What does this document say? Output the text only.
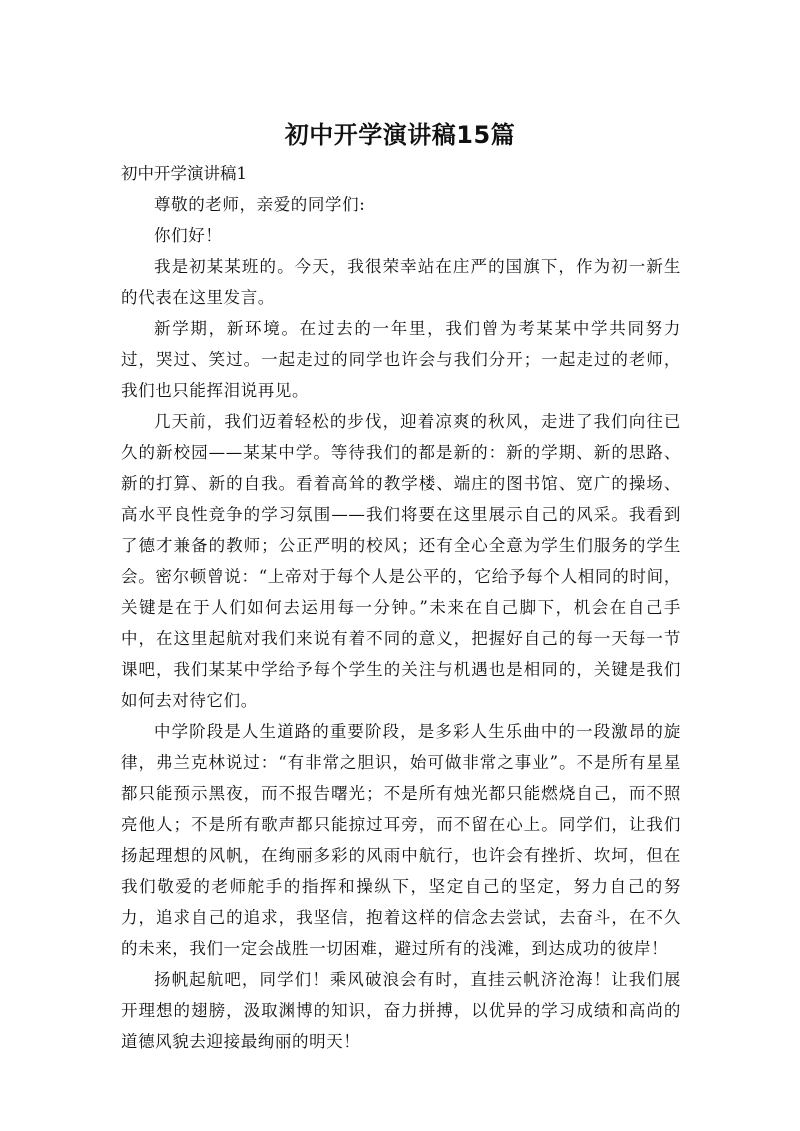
初中开学演讲稿15篇

初中开学演讲稿1

尊敬的老师，亲爱的同学们:

你们好！

我是初某某班的。今天，我很荣幸站在庄严的国旗下，作为初一新生的代表在这里发言。

新学期，新环境。在过去的一年里，我们曾为考某某中学共同努力过，哭过、笑过。一起走过的同学也许会与我们分开；一起走过的老师，我们也只能挥泪说再见。

几天前，我们迈着轻松的步伐，迎着凉爽的秋风，走进了我们向往已久的新校园——某某中学。等待我们的都是新的：新的学期、新的思路、新的打算、新的自我。看着高耸的教学楼、端庄的图书馆、宽广的操场、高水平良性竞争的学习氛围——我们将要在这里展示自己的风采。我看到了德才兼备的教师；公正严明的校风；还有全心全意为学生们服务的学生会。密尔顿曾说：“上帝对于每个人是公平的，它给予每个人相同的时间，关键是在于人们如何去运用每一分钟。”未来在自己脚下，机会在自己手中，在这里起航对我们来说有着不同的意义，把握好自己的每一天每一节课吧，我们某某中学给予每个学生的关注与机遇也是相同的，关键是我们如何去对待它们。

中学阶段是人生道路的重要阶段，是多彩人生乐曲中的一段激昂的旋律，弗兰克林说过：“有非常之胆识，始可做非常之事业”。不是所有星星都只能预示黑夜，而不报告曙光；不是所有烛光都只能燃烧自己，而不照亮他人；不是所有歌声都只能掠过耳旁，而不留在心上。同学们，让我们扬起理想的风帆，在绚丽多彩的风雨中航行，也许会有挫折、坎坷，但在我们敬爱的老师舵手的指挥和操纵下，坚定自己的坚定，努力自己的努力，追求自己的追求，我坚信，抱着这样的信念去尝试，去奋斗，在不久的未来，我们一定会战胜一切困难，避过所有的浅滩，到达成功的彼岸！

扬帆起航吧，同学们！乘风破浪会有时，直挂云帆济沧海！让我们展开理想的翅膀，汲取渊博的知识，奋力拼搏，以优异的学习成绩和高尚的道德风貌去迎接最绚丽的明天！
